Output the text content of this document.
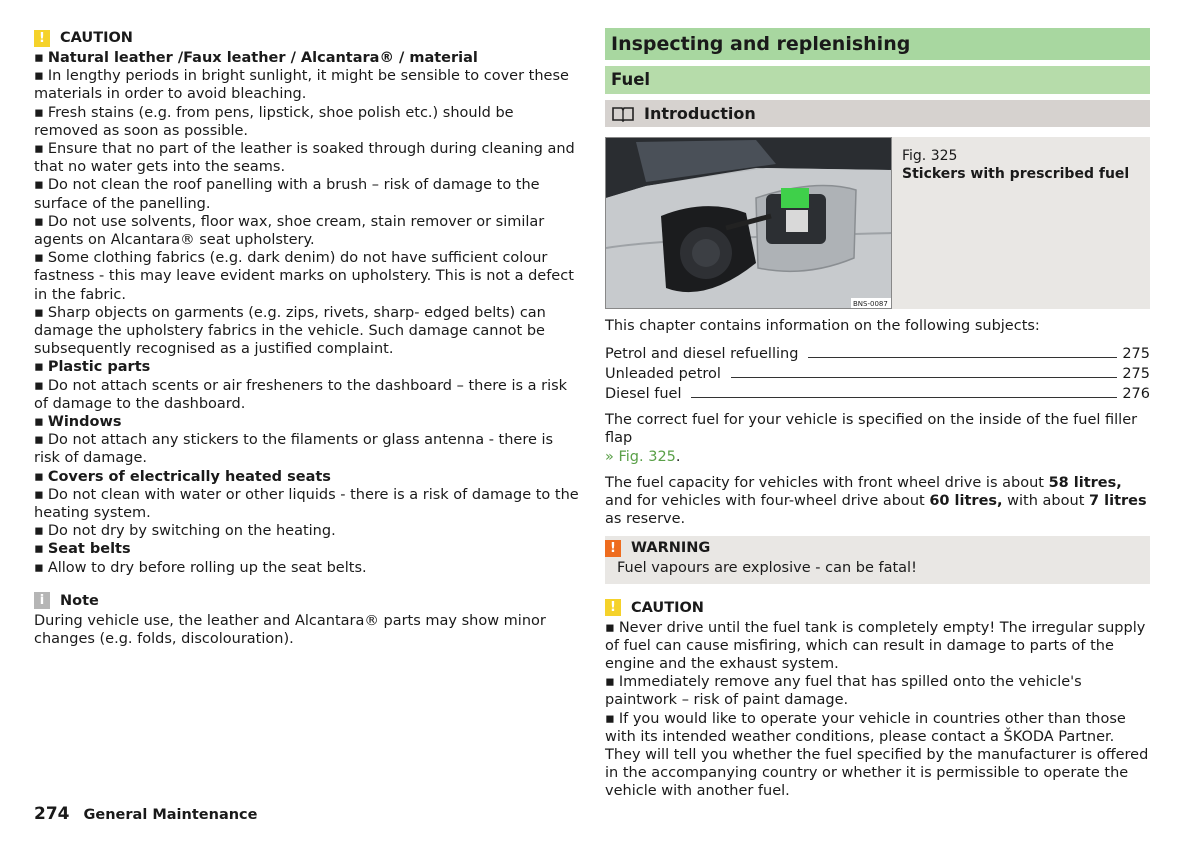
!	CAUTION
▪ Natural leather /Faux leather / Alcantara® / material
▪ In lengthy periods in bright sunlight, it might be sensible to cover these materials in order to avoid bleaching.
▪ Fresh stains (e.g. from pens, lipstick, shoe polish etc.) should be removed as soon as possible.
▪ Ensure that no part of the leather is soaked through during cleaning and that no water gets into the seams.
▪ Do not clean the roof panelling with a brush – risk of damage to the surface of the panelling.
▪ Do not use solvents, floor wax, shoe cream, stain remover or similar agents on Alcantara® seat upholstery.
▪ Some clothing fabrics (e.g. dark denim) do not have sufficient colour fastness - this may leave evident marks on upholstery. This is not a defect in the fabric.
▪ Sharp objects on garments (e.g. zips, rivets, sharp- edged belts) can damage the upholstery fabrics in the vehicle. Such damage cannot be subsequently recognised as a justified complaint.
▪ Plastic parts
▪ Do not attach scents or air fresheners to the dashboard – there is a risk of damage to the dashboard.
▪ Windows
▪ Do not attach any stickers to the filaments or glass antenna - there is risk of damage.
▪ Covers of electrically heated seats
▪ Do not clean with water or other liquids - there is a risk of damage to the heating system.
▪ Do not dry by switching on the heating.
▪ Seat belts
▪ Allow to dry before rolling up the seat belts.
i	Note
During vehicle use, the leather and Alcantara® parts may show minor changes (e.g. folds, discolouration).
Inspecting and replenishing
Fuel
Introduction
BNS-0087
Fig. 325
Stickers with prescribed fuel
This chapter contains information on the following subjects:
Petrol and diesel refuelling	275
Unleaded petrol	275
Diesel fuel	276
The correct fuel for your vehicle is specified on the inside of the fuel filler flap
» Fig. 325.
The fuel capacity for vehicles with front wheel drive is about 58 litres, and for vehicles with four-wheel drive about 60 litres, with about 7 litres as reserve.
!	WARNING
Fuel vapours are explosive - can be fatal!
!	CAUTION
▪ Never drive until the fuel tank is completely empty! The irregular supply of fuel can cause misfiring, which can result in damage to parts of the engine and the exhaust system.
▪ Immediately remove any fuel that has spilled onto the vehicle's paintwork – risk of paint damage.
▪ If you would like to operate your vehicle in countries other than those with its intended weather conditions, please contact a ŠKODA Partner. They will tell you whether the fuel specified by the manufacturer is offered in the accompanying country or whether it is permissible to operate the vehicle with another fuel.
274 General Maintenance
